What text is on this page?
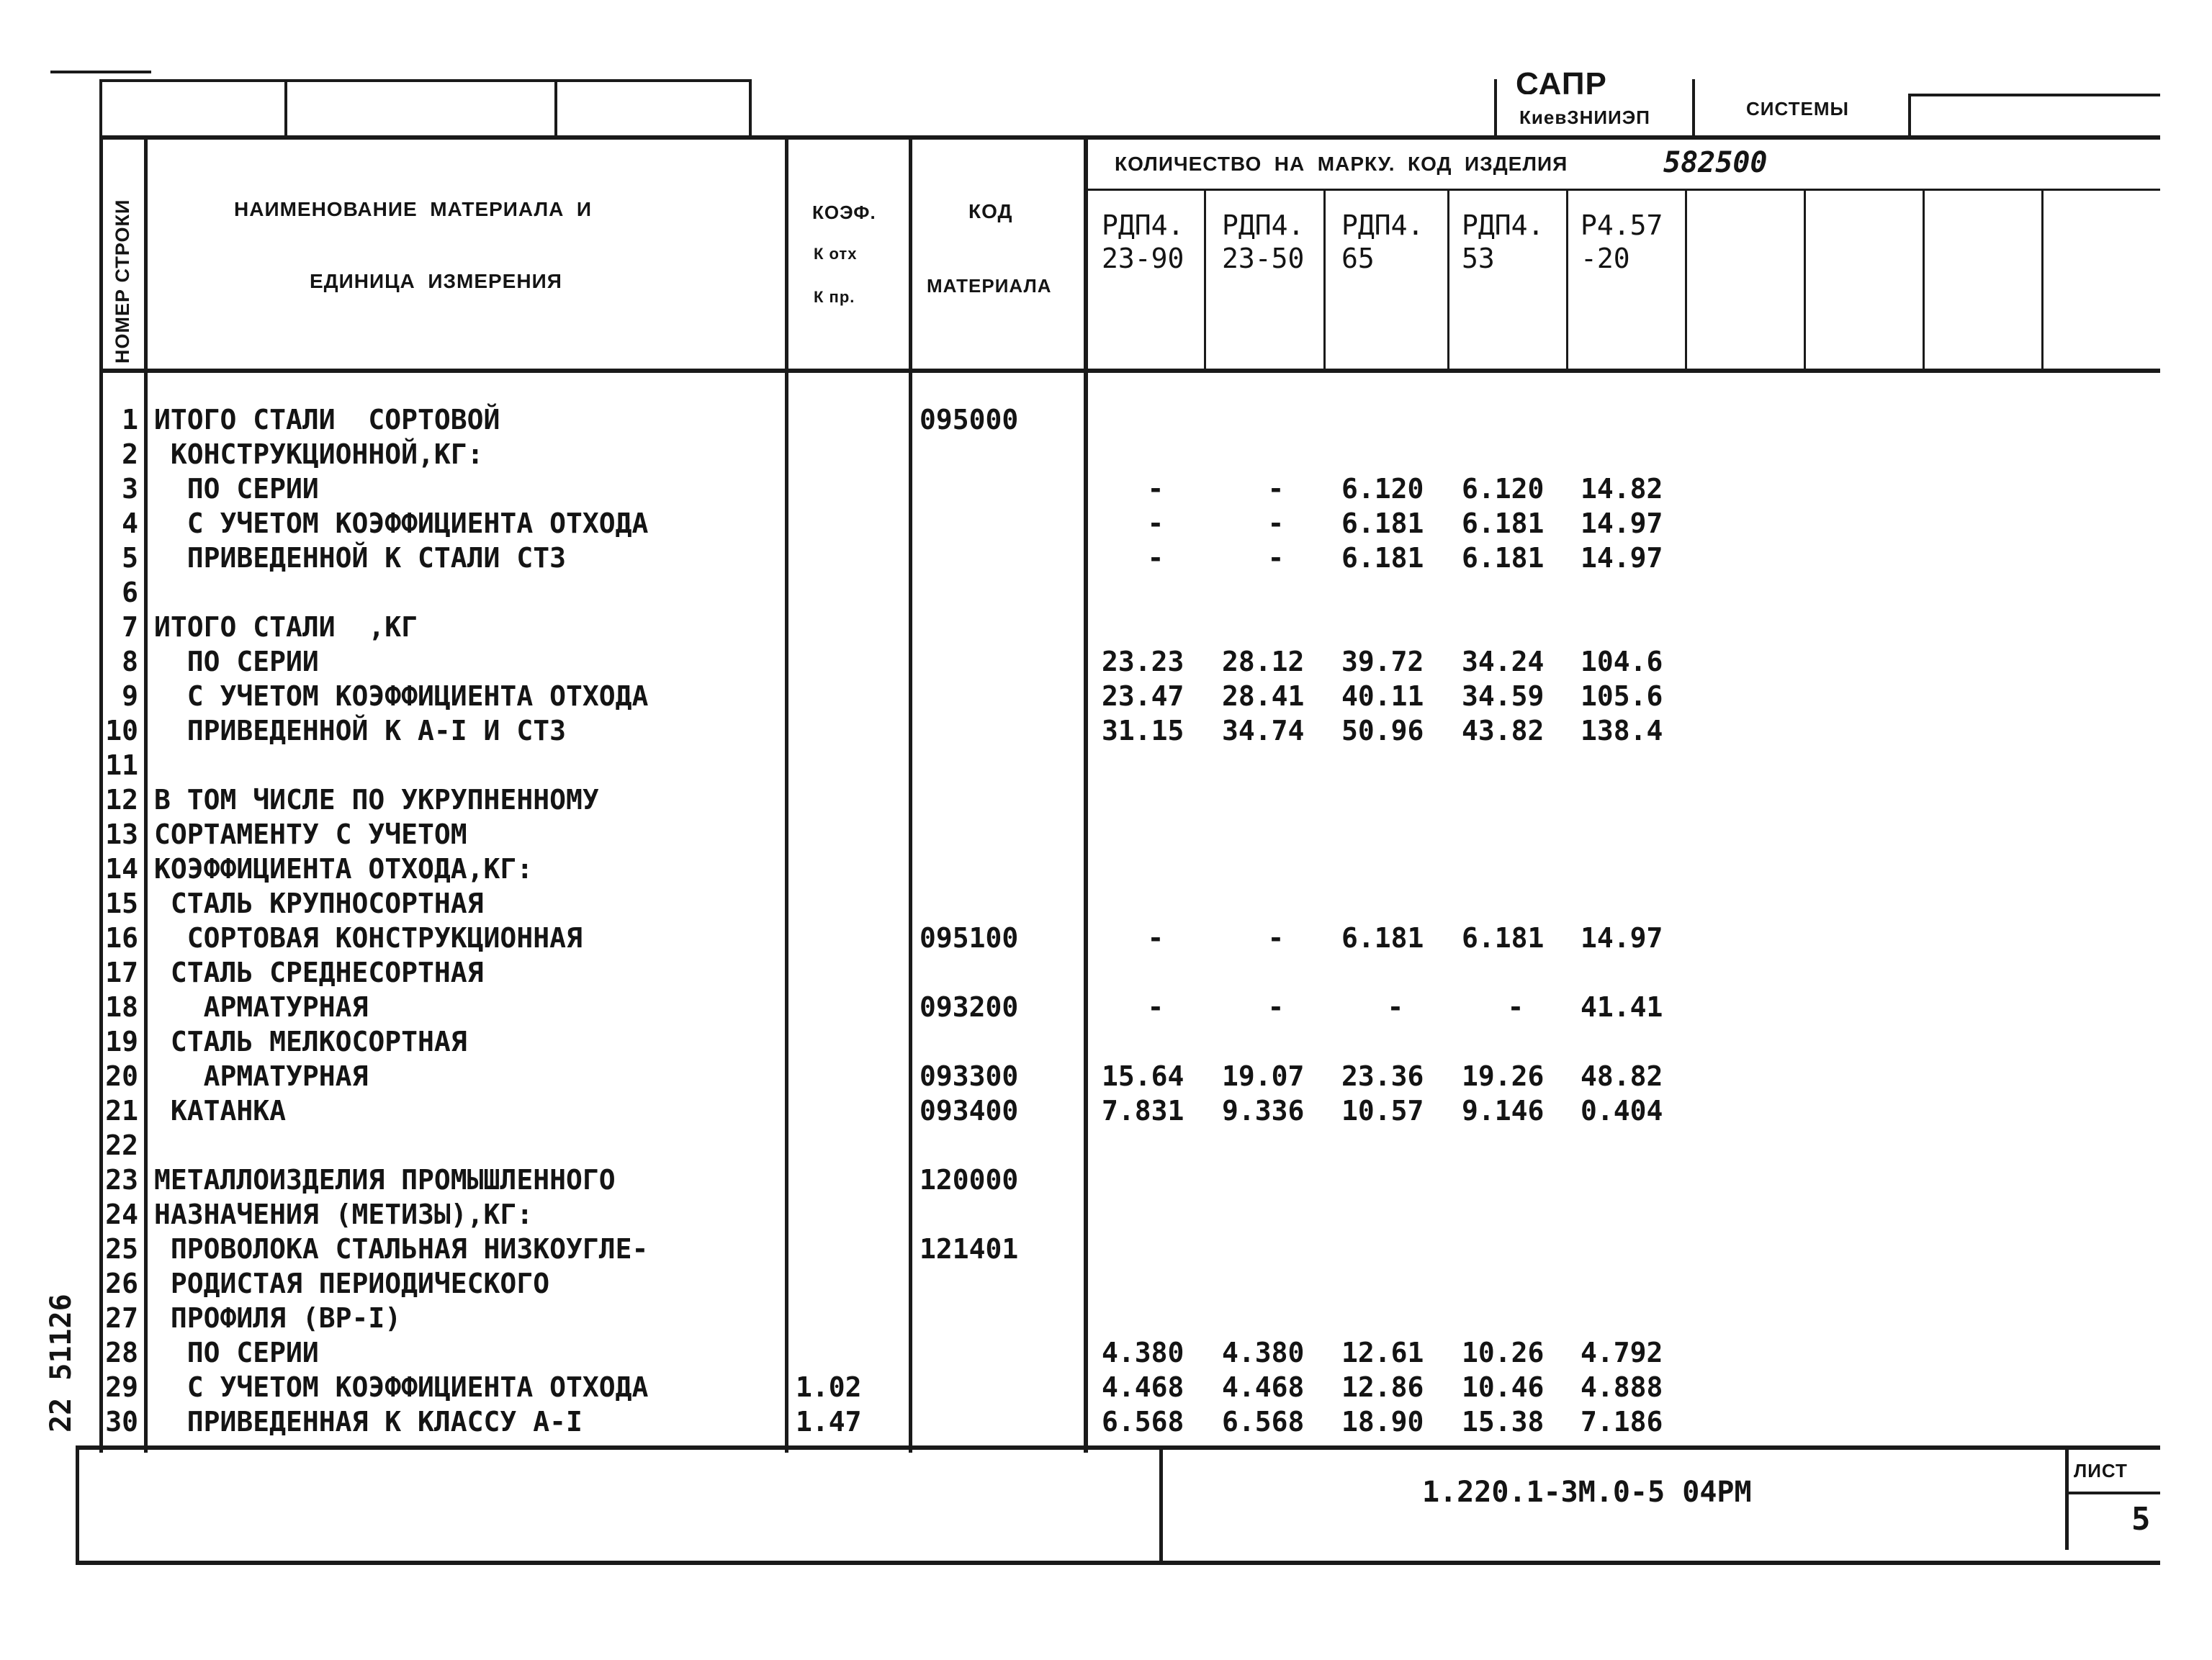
САПР
КиевЗНИИЭП	СИСТЕМЫ
НОМЕР СТРОКИ	НАИМЕНОВАНИЕ  МАТЕРИАЛА  И
ЕДИНИЦА  ИЗМЕРЕНИЯ
КОЭФ.
К отх
К пр.
КОД
МАТЕРИАЛА
КОЛИЧЕСТВО  НА  МАРКУ.  КОД  ИЗДЕЛИЯ	582500
РДП4.
23-90
РДП4.
23-50
РДП4.
65
РДП4.
53
Р4.57
-20
1 ИТОГО СТАЛИ  СОРТОВОЙ	095000
2 КОНСТРУКЦИОННОЙ,КГ:
3 ПО СЕРИИ	-	-	6.120	6.120	14.82
4 С УЧЕТОМ КОЭФФИЦИЕНТА ОТХОДА	-	-	6.181	6.181	14.97
5 ПРИВЕДЕННОЙ К СТАЛИ СТ3	-	-	6.181	6.181	14.97
6
7 ИТОГО СТАЛИ  ,КГ
8 ПО СЕРИИ	23.23	28.12	39.72	34.24	104.6
9 С УЧЕТОМ КОЭФФИЦИЕНТА ОТХОДА	23.47	28.41	40.11	34.59	105.6
10 ПРИВЕДЕННОЙ К А-I И СТ3	31.15	34.74	50.96	43.82	138.4
11
12 В ТОМ ЧИСЛЕ ПО УКРУПНЕННОМУ
13 СОРТАМЕНТУ С УЧЕТОМ
14 КОЭФФИЦИЕНТА ОТХОДА,КГ:
15 СТАЛЬ КРУПНОСОРТНАЯ
16 СОРТОВАЯ КОНСТРУКЦИОННАЯ	095100	-	-	6.181	6.181	14.97
17 СТАЛЬ СРЕДНЕСОРТНАЯ
18 АРМАТУРНАЯ	093200	-	-	-	-	41.41
19 СТАЛЬ МЕЛКОСОРТНАЯ
20 АРМАТУРНАЯ	093300	15.64	19.07	23.36	19.26	48.82
21 КАТАНКА	093400	7.831	9.336	10.57	9.146	0.404
22
23 МЕТАЛЛОИЗДЕЛИЯ ПРОМЫШЛЕННОГО	120000
24 НАЗНАЧЕНИЯ (МЕТИЗЫ),КГ:
25 ПРОВОЛОКА СТАЛЬНАЯ НИЗКОУГЛЕ-	121401
26 РОДИСТАЯ ПЕРИОДИЧЕСКОГО
27 ПРОФИЛЯ (ВР-I)
28 ПО СЕРИИ	4.380	4.380	12.61	10.26	4.792
29 С УЧЕТОМ КОЭФФИЦИЕНТА ОТХОДА	1.02	4.468	4.468	12.86	10.46	4.888
30 ПРИВЕДЕННАЯ К КЛАССУ А-I	1.47	6.568	6.568	18.90	15.38	7.186
1.220.1-3М.0-5 04РМ
ЛИСТ
5
22 51126
